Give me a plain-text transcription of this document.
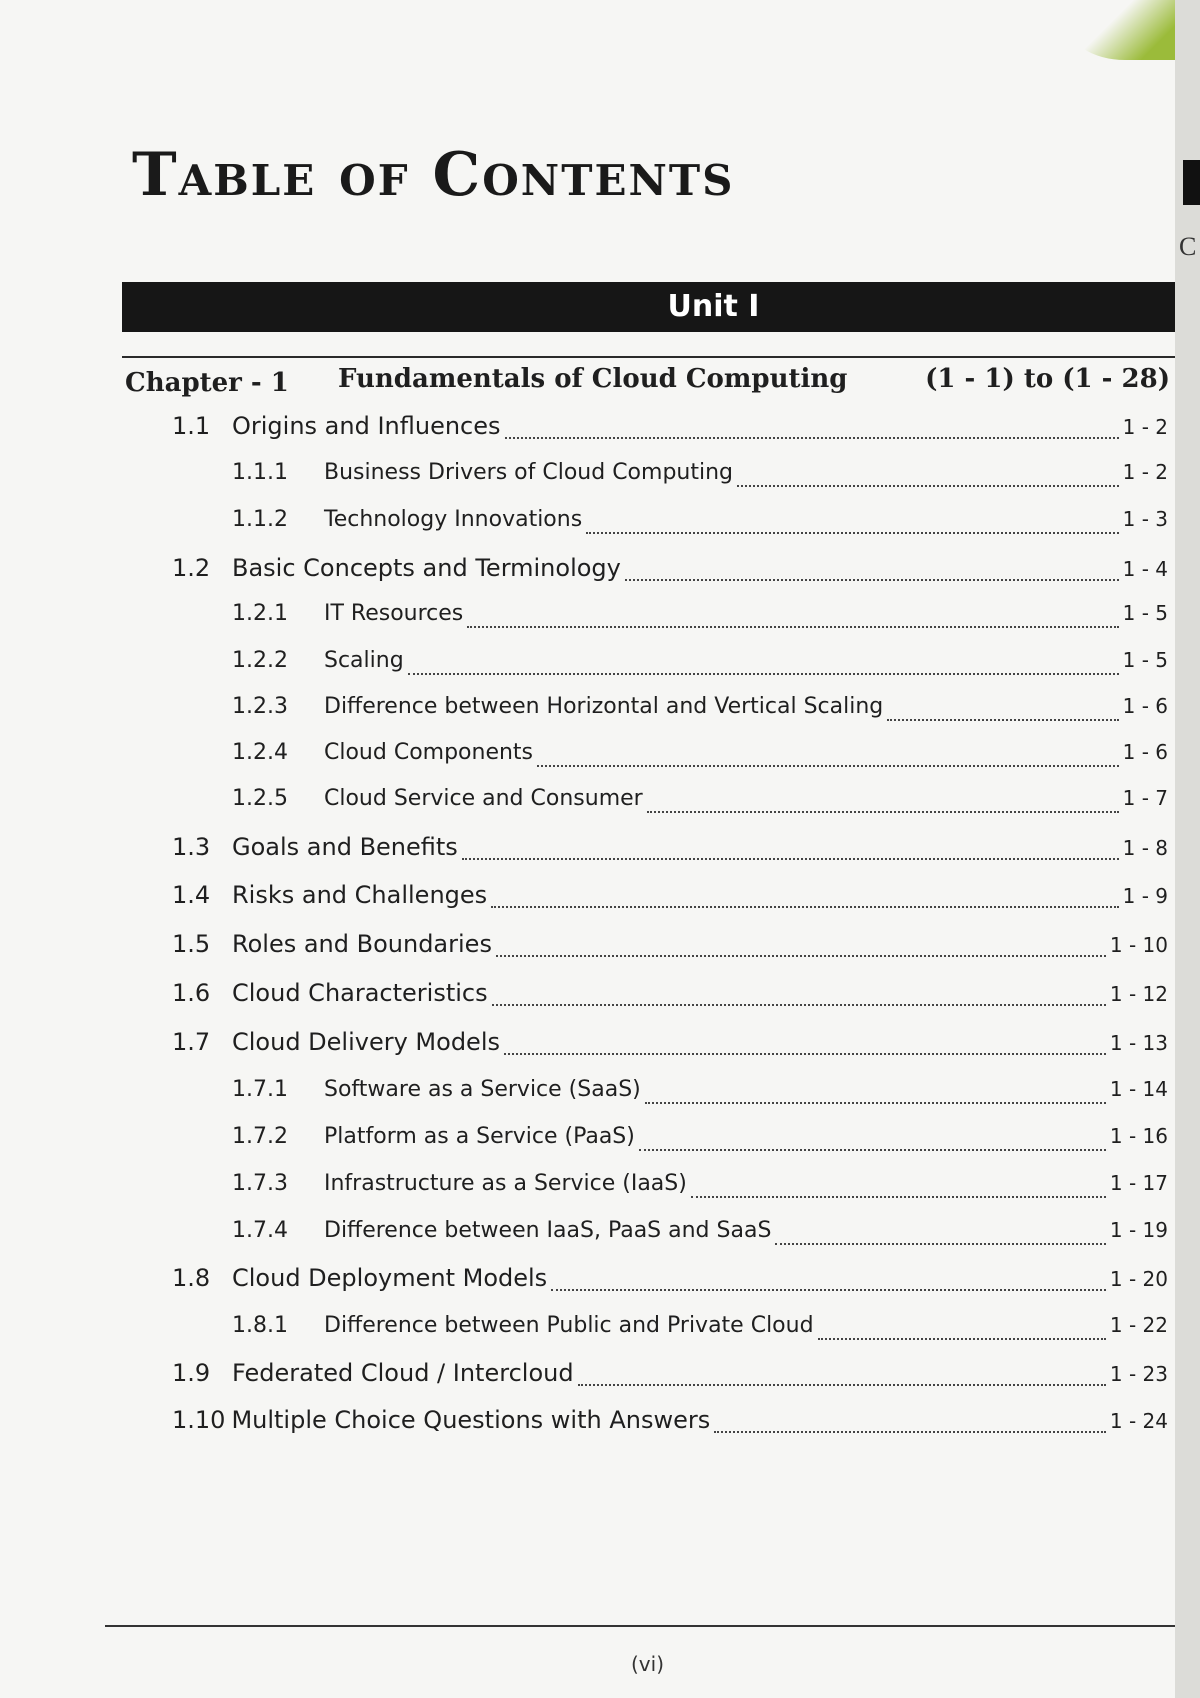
Table of Contents
Unit I
Chapter - 1 Fundamentals of Cloud Computing	(1 - 1) to (1 - 28)
1.1 Origins and Influences	1 - 2
1.1.1	Business Drivers of Cloud Computing	1 - 2
1.1.2	Technology Innovations	1 - 3
1.2 Basic Concepts and Terminology	1 - 4
1.2.1	IT Resources	1 - 5
1.2.2	Scaling	1 - 5
1.2.3	Difference between Horizontal and Vertical Scaling	1 - 6
1.2.4	Cloud Components	1 - 6
1.2.5	Cloud Service and Consumer	1 - 7
1.3 Goals and Benefits	1 - 8
1.4 Risks and Challenges	1 - 9
1.5 Roles and Boundaries	1 - 10
1.6 Cloud Characteristics	1 - 12
1.7 Cloud Delivery Models	1 - 13
1.7.1	Software as a Service (SaaS)	1 - 14
1.7.2	Platform as a Service (PaaS)	1 - 16
1.7.3	Infrastructure as a Service (IaaS)	1 - 17
1.7.4	Difference between IaaS, PaaS and SaaS	1 - 19
1.8 Cloud Deployment Models	1 - 20
1.8.1	Difference between Public and Private Cloud	1 - 22
1.9 Federated Cloud / Intercloud	1 - 23
1.10 Multiple Choice Questions with Answers	1 - 24
(vi)
C
